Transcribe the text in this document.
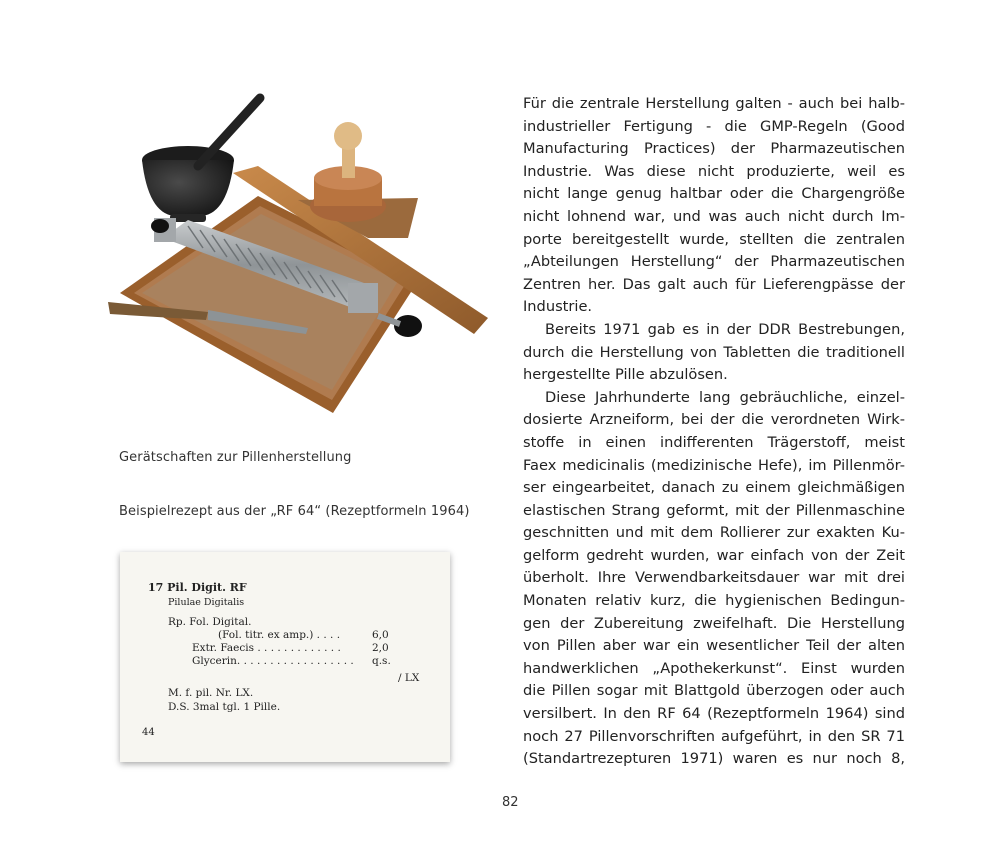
Gerätschaften zur Pillenherstellung
Beispielrezept aus der „RF 64“ (Rezeptformeln 1964)
17 Pil. Digit. RF
Pilulae Digitalis
Rp. Fol. Digital.
(Fol. titr. ex amp.) . . . .	6,0
Extr. Faecis . . . . . . . . . . . . .	2,0
Glycerin. . . . . . . . . . . . . . . . . . q.s.
/ LX
M. f. pil. Nr. LX.
D.S. 3mal tgl. 1 Pille.
44
Für die zentrale Herstellung galten - auch bei halb-
industrieller Fertigung - die GMP-Regeln (Good
Manufacturing Practices) der Pharmazeutischen
Industrie. Was diese nicht produzierte, weil es
nicht lange genug haltbar oder die Chargengröße
nicht lohnend war, und was auch nicht durch Im-
porte bereitgestellt wurde, stellten die zentralen
„Abteilungen Herstellung“ der Pharmazeutischen
Zentren her. Das galt auch für Lieferengpässe der
Industrie.
Bereits 1971 gab es in der DDR Bestrebungen,
durch die Herstellung von Tabletten die traditionell
hergestellte Pille abzulösen.
Diese Jahrhunderte lang gebräuchliche, einzel-
dosierte Arzneiform, bei der die verordneten Wirk-
stoffe in einen indifferenten Trägerstoff, meist
Faex medicinalis (medizinische Hefe), im Pillenmör-
ser eingearbeitet, danach zu einem gleichmäßigen
elastischen Strang geformt, mit der Pillenmaschine
geschnitten und mit dem Rollierer zur exakten Ku-
gelform gedreht wurden, war einfach von der Zeit
überholt. Ihre Verwendbarkeitsdauer war mit drei
Monaten relativ kurz, die hygienischen Bedingun-
gen der Zubereitung zweifelhaft. Die Herstellung
von Pillen aber war ein wesentlicher Teil der alten
handwerklichen „Apothekerkunst“. Einst wurden
die Pillen sogar mit Blattgold überzogen oder auch
versilbert. In den RF 64 (Rezeptformeln 1964) sind
noch 27 Pillenvorschriften aufgeführt, in den SR 71
(Standartrezepturen 1971) waren es nur noch 8,
82
